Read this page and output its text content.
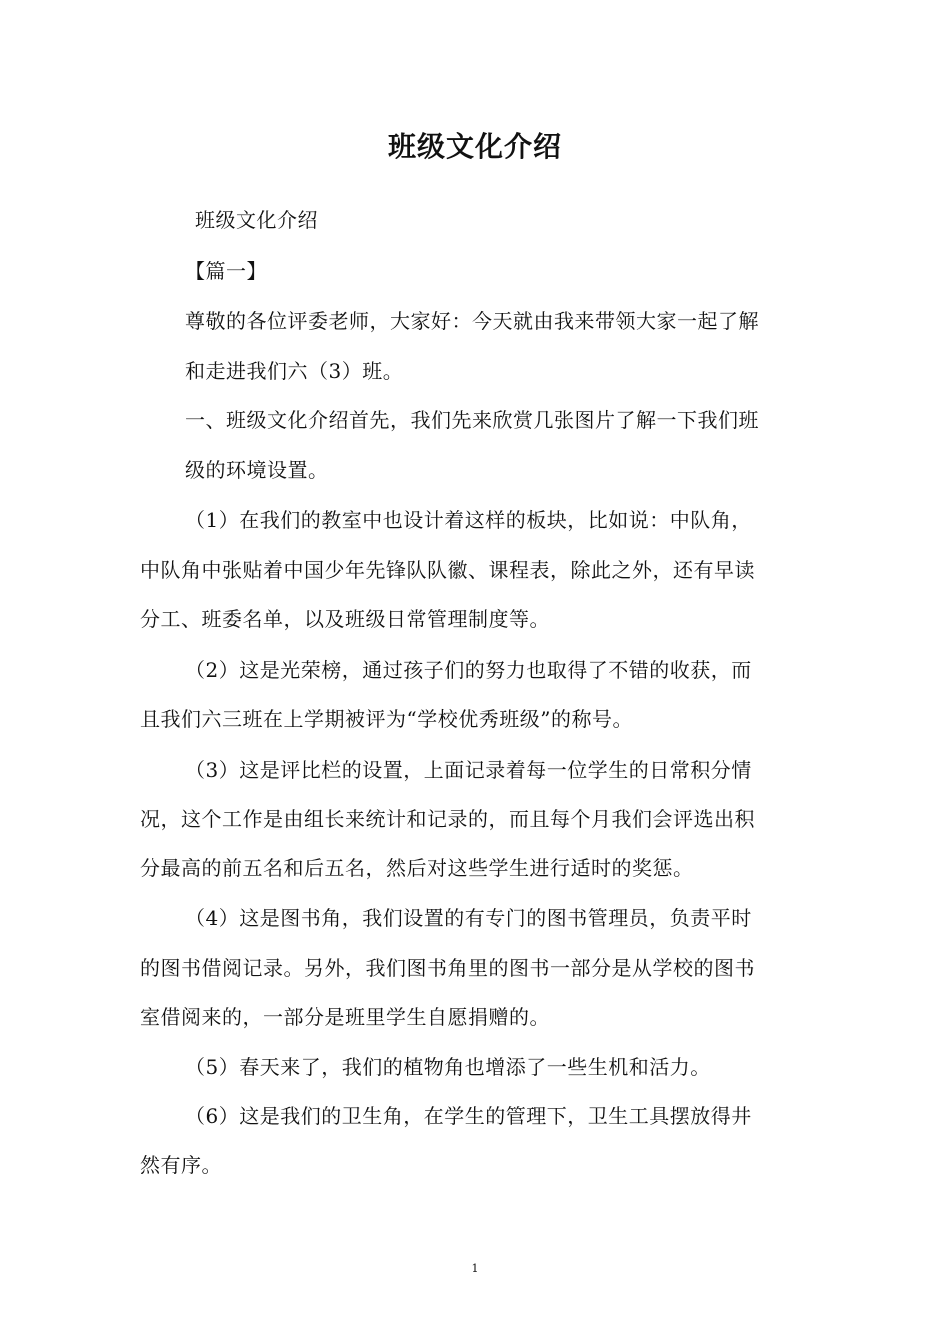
班级文化介绍
班级文化介绍
【篇一】
尊敬的各位评委老师，大家好：今天就由我来带领大家一起了解
和走进我们六（3）班。
一、班级文化介绍首先，我们先来欣赏几张图片了解一下我们班
级的环境设置。
（1）在我们的教室中也设计着这样的板块，比如说：中队角，
中队角中张贴着中国少年先锋队队徽、课程表，除此之外，还有早读
分工、班委名单，以及班级日常管理制度等。
（2）这是光荣榜，通过孩子们的努力也取得了不错的收获，而
且我们六三班在上学期被评为“学校优秀班级”的称号。
（3）这是评比栏的设置，上面记录着每一位学生的日常积分情
况，这个工作是由组长来统计和记录的，而且每个月我们会评选出积
分最高的前五名和后五名，然后对这些学生进行适时的奖惩。
（4）这是图书角，我们设置的有专门的图书管理员，负责平时
的图书借阅记录。另外，我们图书角里的图书一部分是从学校的图书
室借阅来的，一部分是班里学生自愿捐赠的。
（5）春天来了，我们的植物角也增添了一些生机和活力。
（6）这是我们的卫生角，在学生的管理下，卫生工具摆放得井
然有序。
1
